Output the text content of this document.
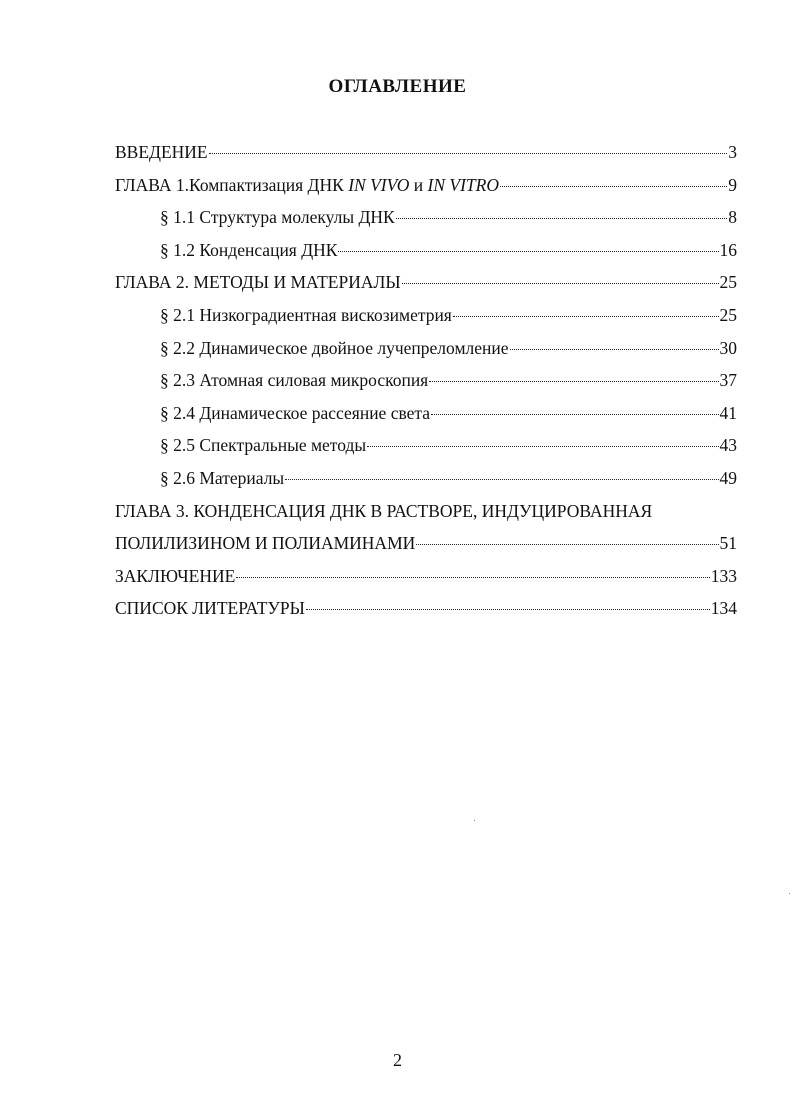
ОГЛАВЛЕНИЕ
ВВЕДЕНИЕ	3
ГЛАВА 1.Компактизация ДНК IN VIVO и IN VITRO	9
§ 1.1 Структура молекулы ДНК	8
§ 1.2 Конденсация ДНК	16
ГЛАВА 2. МЕТОДЫ И МАТЕРИАЛЫ	25
§ 2.1 Низкоградиентная вискозиметрия	25
§ 2.2 Динамическое двойное лучепреломление	30
§ 2.3 Атомная силовая микроскопия	37
§ 2.4 Динамическое рассеяние света	41
§ 2.5 Спектральные методы	43
§ 2.6 Материалы	49
ГЛАВА 3. КОНДЕНСАЦИЯ ДНК В РАСТВОРЕ, ИНДУЦИРОВАННАЯ
ПОЛИЛИЗИНОМ И ПОЛИАМИНАМИ	51
ЗАКЛЮЧЕНИЕ	133
СПИСОК ЛИТЕРАТУРЫ	134
2
